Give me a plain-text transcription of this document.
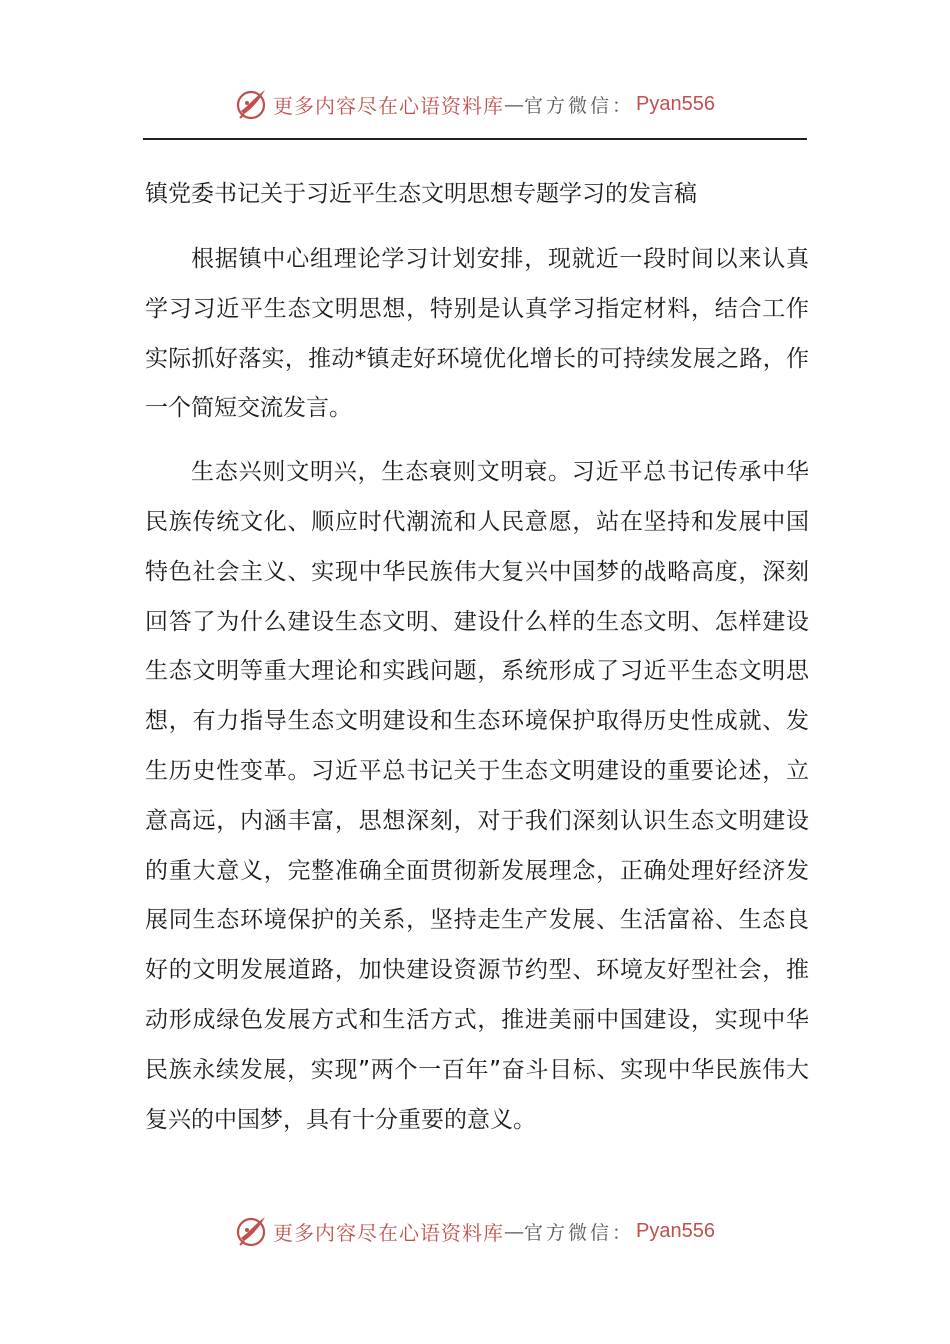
更多内容尽在心语资料库 — 官方微信： Pyan556
镇党委书记关于习近平生态文明思想专题学习的发言稿

根据镇中心组理论学习计划安排，现就近一段时间以来认真学习习近平生态文明思想，特别是认真学习指定材料，结合工作实际抓好落实，推动*镇走好环境优化增长的可持续发展之路，作一个简短交流发言。

生态兴则文明兴，生态衰则文明衰。习近平总书记传承中华民族传统文化、顺应时代潮流和人民意愿，站在坚持和发展中国特色社会主义、实现中华民族伟大复兴中国梦的战略高度，深刻回答了为什么建设生态文明、建设什么样的生态文明、怎样建设生态文明等重大理论和实践问题，系统形成了习近平生态文明思想，有力指导生态文明建设和生态环境保护取得历史性成就、发生历史性变革。习近平总书记关于生态文明建设的重要论述，立意高远，内涵丰富，思想深刻，对于我们深刻认识生态文明建设的重大意义，完整准确全面贯彻新发展理念，正确处理好经济发展同生态环境保护的关系，坚持走生产发展、生活富裕、生态良好的文明发展道路，加快建设资源节约型、环境友好型社会，推动形成绿色发展方式和生活方式，推进美丽中国建设，实现中华民族永续发展，实现”两个一百年”奋斗目标、实现中华民族伟大复兴的中国梦，具有十分重要的意义。

更多内容尽在心语资料库 — 官方微信： Pyan556
